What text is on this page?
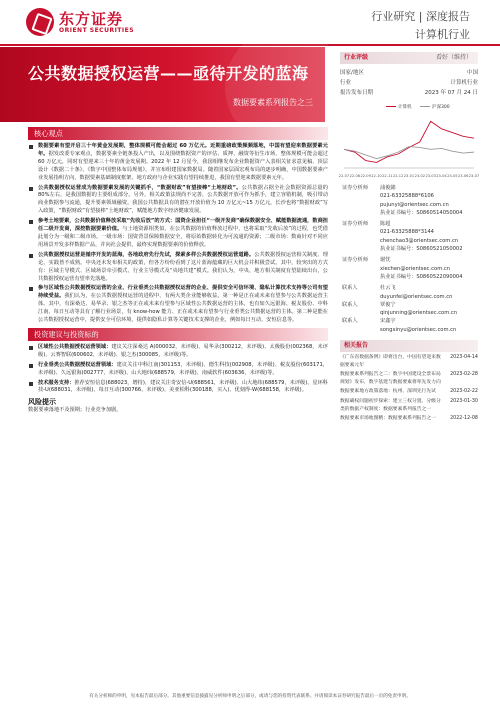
东方证券
ORIENT SECURITIES
行业研究 | 深度报告
计算机行业
公共数据授权运营——亟待开发的蓝海
数据要素系列报告之三
核心观点
数据要素有望开启三十年黄金发展期，整体规模可能会超过 60 万亿元。近期重磅政策频频落地，中国有望迎来数据要素元年。据发改委专家观点，数据要素全链条投入产出，以及围绕数据资产的评估、质押、融资等衍生市场，整体规模可能会超过 60 万亿元，同时有望迎来三十年的黄金发展期。2022 年 12 月星今，我国相继发布企业数据资产入表相关征求意见稿、顶层设计《数据二十条》、《数字中国整体布局规划》，并宣布组建国家数据局。随着国家层面宏观布局的逐步明确，中国数据要素产业发展指明方向，数据要素基础制度框架、地方政府与企业实践有望持续推进，我国有望迎来数据要素元年。
公共数据授权运营成为数据要素发展的关键抓手，“数据财政”有望接棒“土地财政”。公共数据占据全社会数据资源总量的 80%左右，是我国数据的主要组成部分。另外，相关政策法规尚不完善，公共数据开放可作为抓手，建立容错机制，吸引带动商业数据参与流通，提升要素领域融资。我国公共数据具有的潜在开放价值为 10 万亿元~15 万亿元，长沙也将“数据财政”写入政策，“数据财政”有望接棒“土地财政”，赋能地方数字经济健康发展。
参考土地要素，公共数据价值释放采取“先收后放”的方式：国资企业担任“一级开发商”确保数据安全、赋能数据流通，数商担任二级开发商，深挖数据要素价值。与土地资源相类似，在公共数据的价值释放过程中，也将采取“先收后放”的过程，也凭借此划分为一级和二级市场。一级市场：国资背景保障数据安全，将原始数据转化为可流通的资源；二级市场：数商针对不同应用场景开发多样数据产品，并向社会提供，最终实现数据要素的价值释放。
公共数据授权运营是循序开发的蓝海，各地政府先行先试，探索多样公共数据授权运营道路。公共数据授权运营相关制度、理论、实践皆不成熟。中央还未发布相关的政策，但各方纷纷看到了这片蓝海蕴藏的巨大机会并积极尝试。其中，较突出的方式有：区域主导模式、区域场景牵引模式、行业主导模式及“央地共建”模式。我们认为，中央、地方相关制度有望陆续出台，公共数据授权运营有望率先落地。
参与区域性公共数据授权运营的企业、行业垂类公共数据授权运营的企业、提供安全可信环境、隐私计算技术支持等公司有望持续受益。我们认为，在公共数据授权运营的进程中，有两大类企业能够收益。第一种是正在或未来有望参与公共数据运营主体。其中，有深桑达、易华录、银之杰等正在或未来有望参与区域性公共数据运营的主体，也有如久远银海、税友股份、中科江南、每日互动等具有了解行业场景，有 know-how 能力、正在或未来有望参与行业垂类公共数据运营的主体。第二种是能在公共数据授权运营中，提供安全可信环境、提供如隐私计算等关键技术支撑的企业，例如每日互动、安恒信息等。
投资建议与投资标的
区域性公共数据授权运营领域：建议关注深桑达 A(000032，未评级)、易华录(300212，未评级)、太极股份(002368，未评级)、云赛智联(600602，未评级)、银之杰(300085，未评级)等。
行业垂类公共数据授权运营领域：建议关注中科江南(301153，未评级)、德生科技(002908，未评级)、税友股份(603171，未评级)、久远银海(002777，未评级)、山大地纬(688579，未评级)、南威软件(603636，未评级)等。
技术服务支持：推荐安恒信息(688023，增持)，建议关注奇安信-U(688561，未评级)、山大地纬(688579，未评级)、星环科技-U(688031，未评级)、每日互动(300766，未评级)、美亚柏科(300188，买入)、优刻得-W(688158，未评级)。
风险提示
数据要素落地不及预期；行业竞争加剧。
行业评级	看好（维持）
国家/地区	中国
行业	计算机行业
报告发布日期	2023 年 07 月 24 日
计算机	沪深300
22-07 22-08 22-09 22-10 22-11 22-12 23-01 23-02 23-03 23-04 23-05 23-06 23-07
证券分析师 浦俊懿
021-63325888*6106
pujunyi@orientsec.com.cn
执业证书编号：S0860514050004
证券分析师 陈超
021-63325888*3144
chenchao3@orientsec.com.cn
执业证书编号：S0860521050002
证券分析师 谢忱
xiechen@orientsec.com.cn
执业证书编号：S0860522090004
联系人	杜云飞
duyunfei@orientsec.com.cn
联系人	覃俊宁
qinjunning@orientsec.com.cn
联系人	宋鑫宇
songxinyu@orientsec.com.cn
相关报告
《广东省数据条例》即将出台，中国有望迎来数据要素元年
2023-04-14
数据要素系列报告之二：数字中国建设全景布局规划》发布，数字基建与数据要素将率先发力向
2023-02-28
数据要素地方政策落地：杭州、深圳先行先试	2023-02-22
数据确权问题初步探索：建立三权分置、分级分类的数据产权制度：数据要素系列报告之一
2023-01-30
数据要素市场地图精：数据要素系列报告之一	2022-12-08
有关分析师的申明，见本报告最后部分。其他重要信息披露见分析师申明之后部分，或请与您的投资代表联系。并请阅读本证券研究报告最后一页的免责申明。
